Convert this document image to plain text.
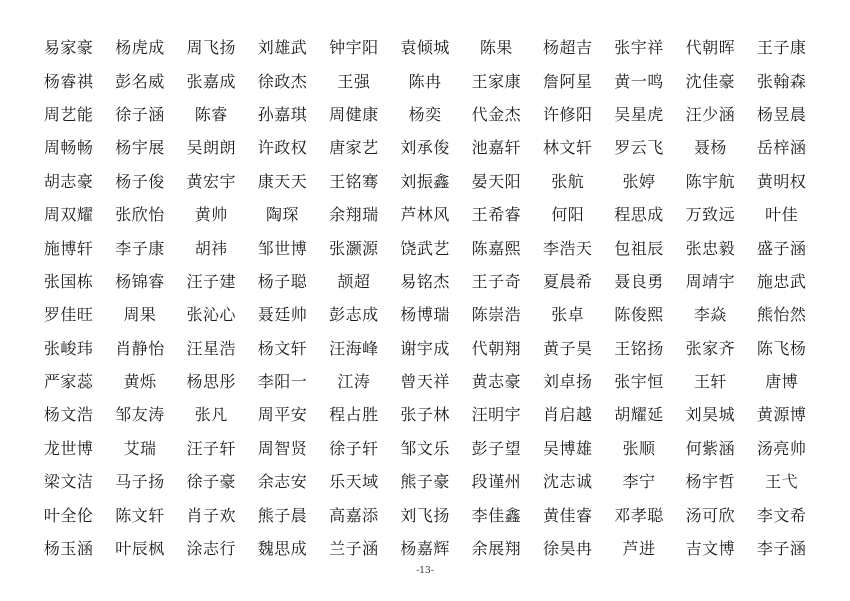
易家豪	杨虎成	周飞扬	刘雄武	钟宇阳	袁倾城	陈果	杨超吉	张宇祥	代朝晖	王子康
杨睿祺	彭名威	张嘉成	徐政杰	王强	陈冉	王家康	詹阿星	黄一鸣	沈佳豪	张翰森
周艺能	徐子涵	陈睿	孙嘉琪	周健康	杨奕	代金杰	许修阳	吴星虎	汪少涵	杨昱晨
周畅畅	杨宇展	吴朗朗	许政权	唐家艺	刘承俊	池嘉轩	林文轩	罗云飞	聂杨	岳梓涵
胡志豪	杨子俊	黄宏宇	康天天	王铭骞	刘振鑫	晏天阳	张航	张婷	陈宇航	黄明权
周双耀	张欣怡	黄帅	陶琛	余翔瑞	芦林风	王希睿	何阳	程思成	万致远	叶佳
施博轩	李子康	胡祎	邹世博	张灏源	饶武艺	陈嘉熙	李浩天	包祖辰	张忠毅	盛子涵
张国栋	杨锦睿	汪子建	杨子聪	颉超	易铭杰	王子奇	夏晨希	聂良勇	周靖宇	施忠武
罗佳旺	周果	张沁心	聂廷帅	彭志成	杨博瑞	陈崇浩	张卓	陈俊熙	李焱	熊怡然
张峻玮	肖静怡	汪星浩	杨文轩	汪海峰	谢宇成	代朝翔	黄子昊	王铭扬	张家齐	陈飞杨
严家蕊	黄烁	杨思彤	李阳一	江涛	曾天祥	黄志豪	刘卓扬	张宇恒	王轩	唐博
杨文浩	邹友涛	张凡	周平安	程占胜	张子林	汪明宇	肖启越	胡耀延	刘昊城	黄源博
龙世博	艾瑞	汪子轩	周智贤	徐子轩	邹文乐	彭子望	吴博雄	张顺	何紫涵	汤亮帅
梁文洁	马子扬	徐子豪	余志安	乐天域	熊子豪	段谨州	沈志诚	李宁	杨宇哲	王弋
叶全伦	陈文轩	肖子欢	熊子晨	高嘉添	刘飞扬	李佳鑫	黄佳睿	邓孝聪	汤可欣	李文希
杨玉涵	叶辰枫	涂志行	魏思成	兰子涵	杨嘉辉	余展翔	徐昊冉	芦进	吉文博	李子涵
-13-
